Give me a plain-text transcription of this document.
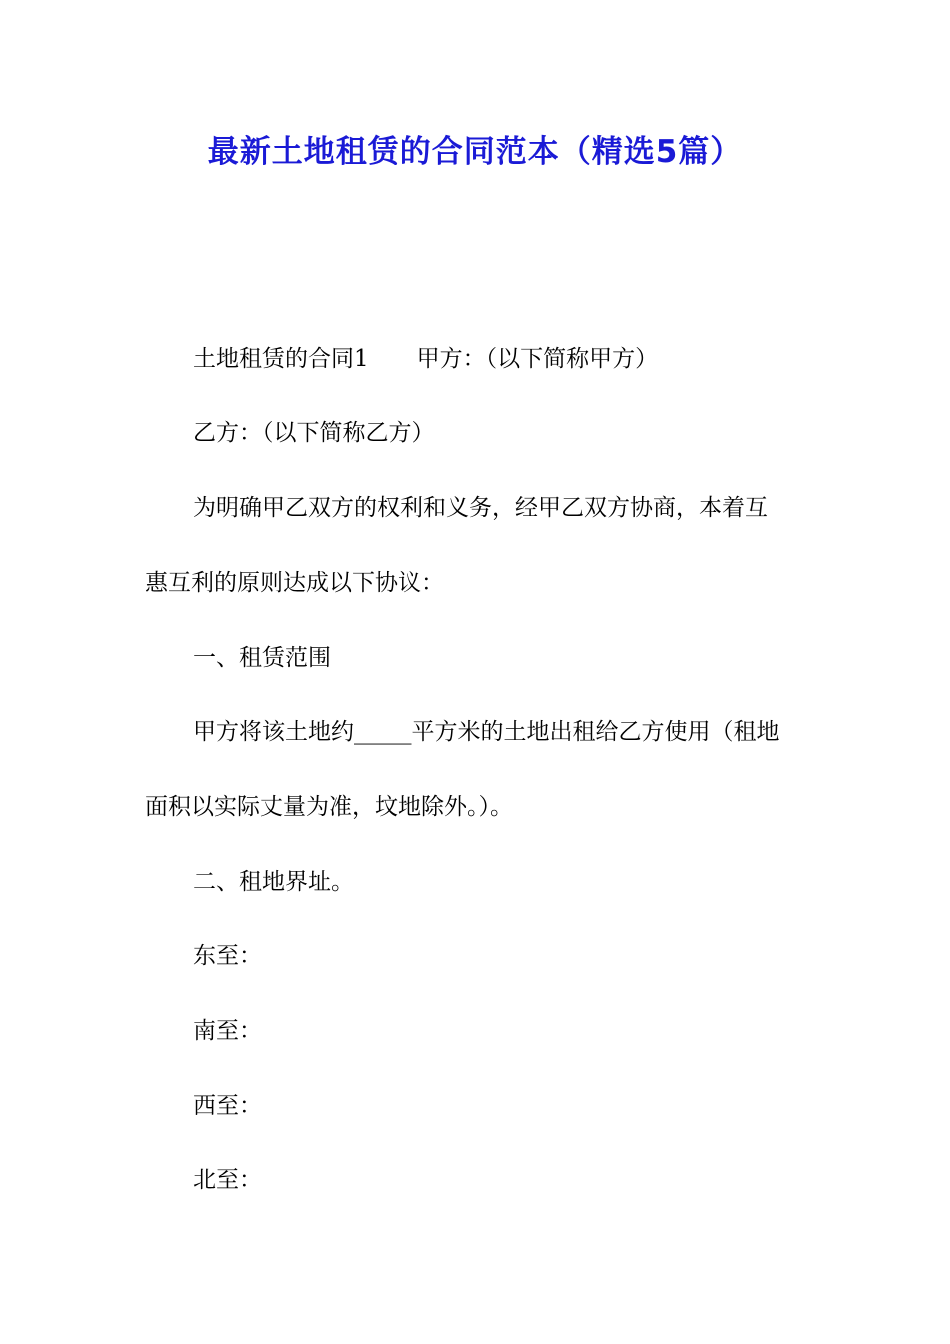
最新土地租赁的合同范本（精选5篇）

土地租赁的合同1 甲方：（以下简称甲方）

乙方：（以下简称乙方）

为明确甲乙双方的权利和义务，经甲乙双方协商，本着互

惠互利的原则达成以下协议：

一、租赁范围

甲方将该土地约_____平方米的土地出租给乙方使用（租地

面积以实际丈量为准，坟地除外。）。

二、租地界址。

东至：

南至：

西至：

北至：
